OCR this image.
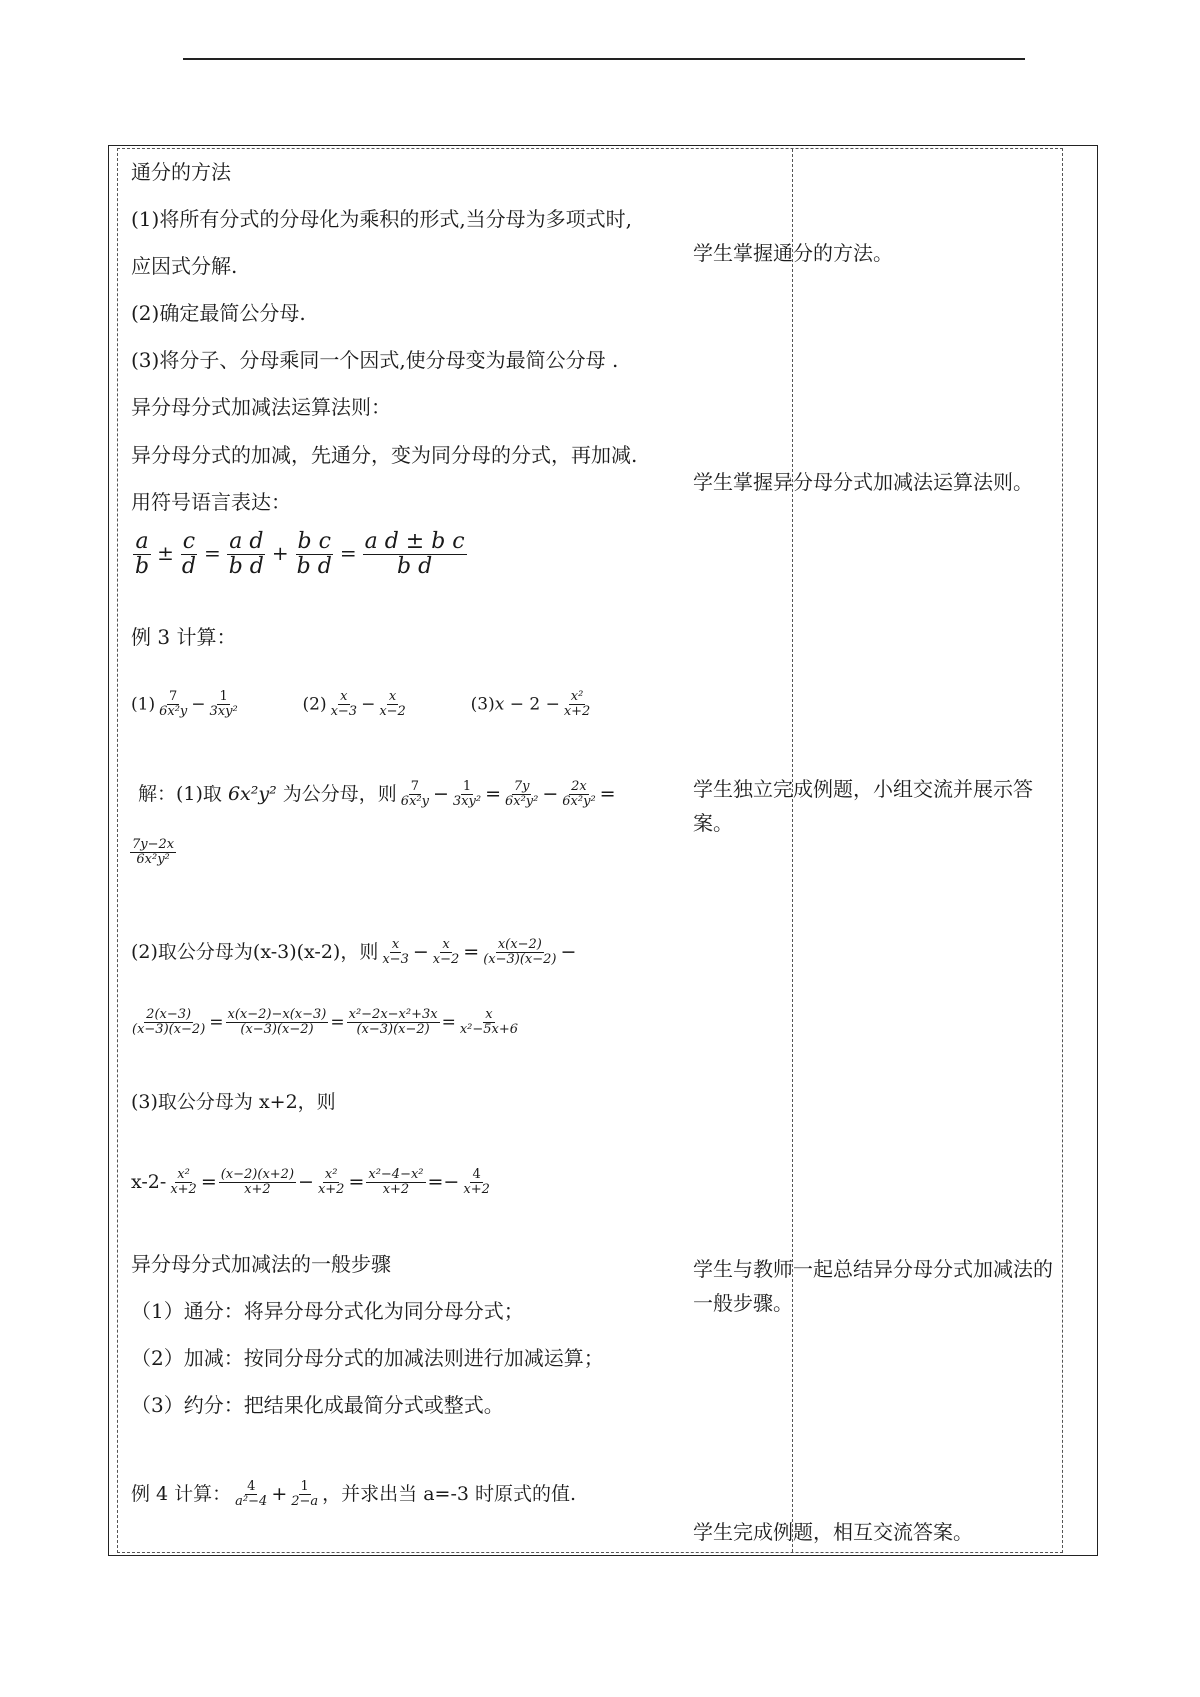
通分的方法
(1)将所有分式的分母化为乘积的形式,当分母为多项式时,
应因式分解.
(2)确定最简公分母.
(3)将分子、分母乘同一个因式,使分母变为最简公分母 .
异分母分式加减法运算法则：
异分母分式的加减，先通分，变为同分母的分式，再加减.
用符号语言表达：
$\frac{a}{b} \pm \frac{c}{d} = \frac{\text{a d}}{\text{b d}} + \frac{\text{b c}}{\text{b d}} = \frac{\text{a d ± b c}}{\text{b d}}$
例 3 计算：
$(1) \frac{7}{\text{6x²y}} - \frac{1}{\text{3xy²}}$	$(2) \frac{x}{x-3} - \frac{x}{x-2}$	$(3)x - 2 - \frac{\text{x²}}{x+2}$
解：(1)取 6x²y² 为公分母，则 $\frac{7}{\text{6x²y}} - \frac{1}{\text{3xy²}} = \frac{7y}{\text{6x²y²}} - \frac{2x}{\text{6x²y²}}$ =
$\frac{7y-2x}{\text{6x²y²}}$
(2)取公分母为(x-3)(x-2)，则 $\frac{x}{x-3} - \frac{x}{x-2} = \frac{x(x-2)}{(x-3)(x-2)}$ −
$\frac{2(x-3)}{(x-3)(x-2)} = \frac{x(x-2)-x(x-3)}{(x-3)(x-2)} = \frac{\text{x²−2x−x²+3x}}{(x-3)(x-2)} = \frac{x}{\text{x²−5x+6}}$
(3)取公分母为 x+2，则
$x-2- \frac{\text{x²}}{x+2} = \frac{(x-2)(x+2)}{x+2} - \frac{\text{x²}}{x+2} = \frac{\text{x²−4−x²}}{x+2} =- \frac{4}{x+2}$
异分母分式加减法的一般步骤
（1）通分：将异分母分式化为同分母分式；
（2）加减：按同分母分式的加减法则进行加减运算；
（3）约分：把结果化成最简分式或整式。
例 4 计算： $\frac{4}{\text{a²−4}} + \frac{1}{2-a}$ ，并求出当 a=-3 时原式的值.
学生掌握通分的方法。
学生掌握异分母分式加减法运算法则。
学生独立完成例题，小组交流并展示答案。
学生与教师一起总结异分母分式加减法的一般步骤。
学生完成例题，相互交流答案。
